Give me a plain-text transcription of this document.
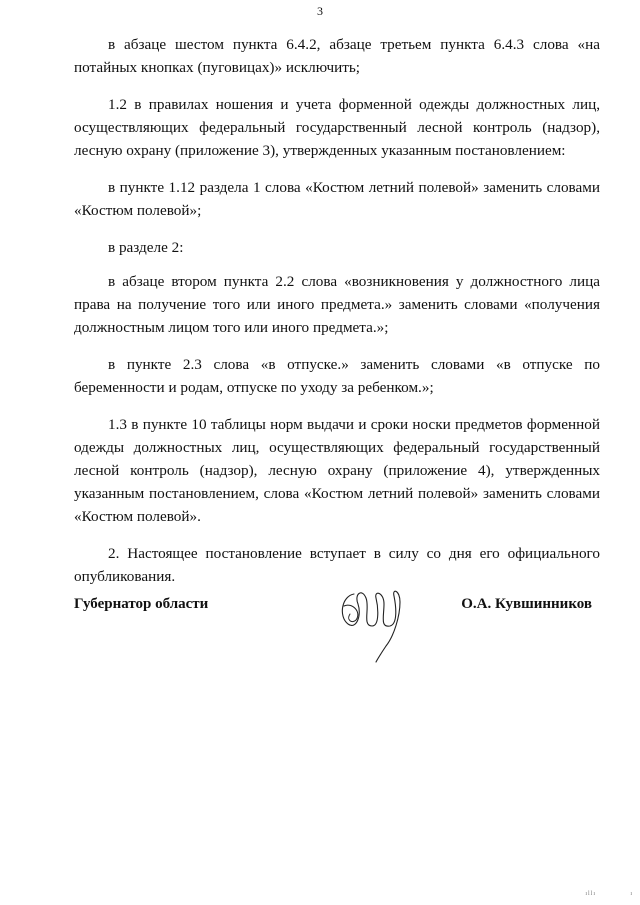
3

в абзаце шестом пункта 6.4.2, абзаце третьем пункта 6.4.3 слова «на потайных кнопках (пуговицах)» исключить;

1.2 в правилах ношения и учета форменной одежды должностных лиц, осуществляющих федеральный государственный лесной контроль (надзор), лесную охрану (приложение 3), утвержденных указанным постановлением:

в пункте 1.12 раздела 1 слова «Костюм летний полевой» заменить словами «Костюм полевой»;

в разделе 2:

в абзаце втором пункта 2.2 слова «возникновения у должностного лица права на получение того или иного предмета.» заменить словами «получения должностным лицом того или иного предмета.»;

в пункте 2.3 слова «в отпуске.» заменить словами «в отпуске по беременности и родам, отпуске по уходу за ребенком.»;

1.3 в пункте 10 таблицы норм выдачи и сроки носки предметов форменной одежды должностных лиц, осуществляющих федеральный государственный лесной контроль (надзор), лесную охрану (приложение 4), утвержденных указанным постановлением, слова «Костюм летний полевой» заменить словами «Костюм полевой».

2. Настоящее постановление вступает в силу со дня его официального опубликования.

Губернатор области	О.А. Кувшинников
ıllı	ı
